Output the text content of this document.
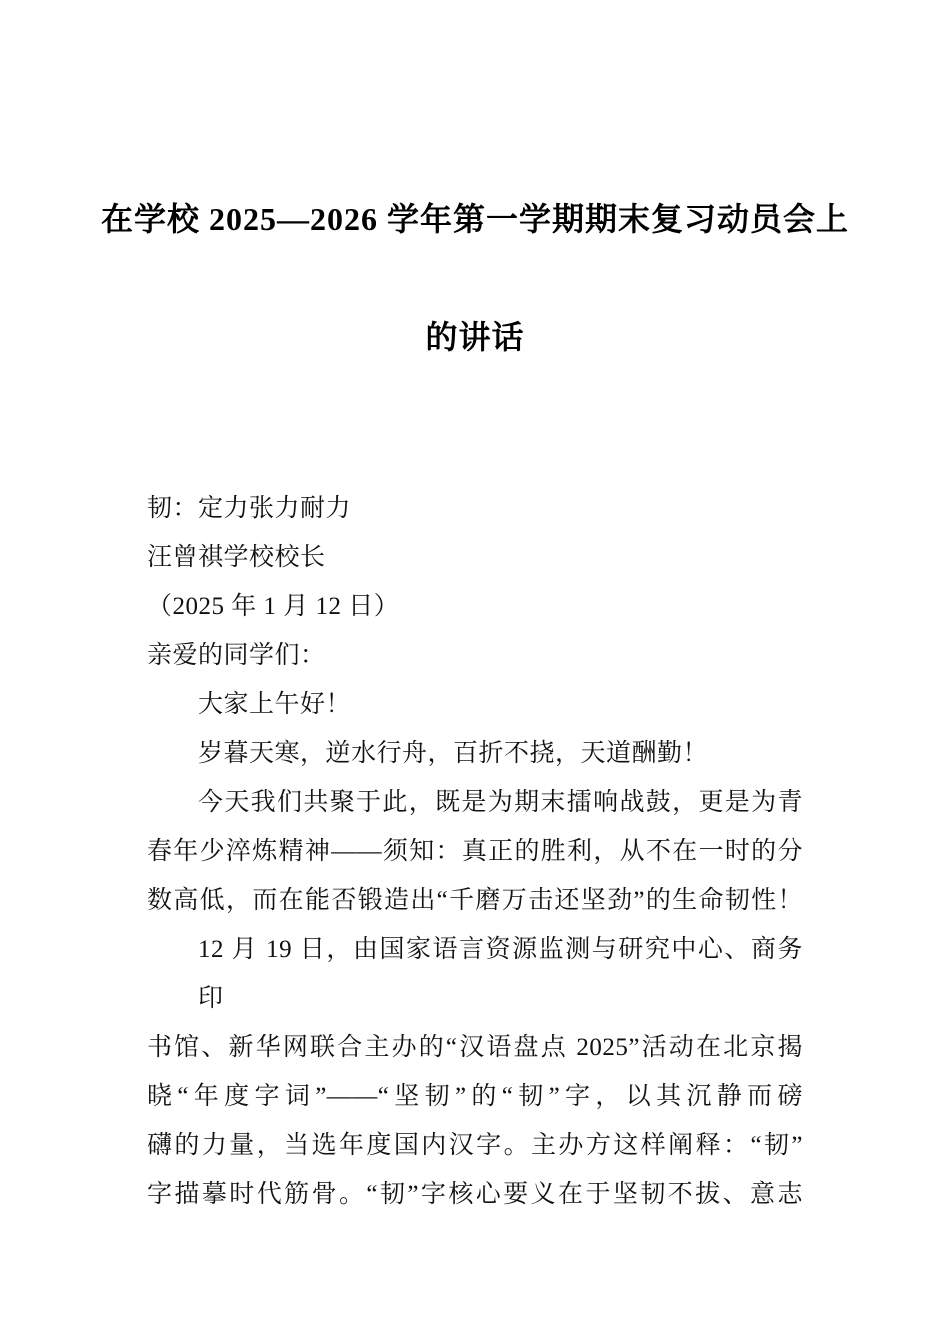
在学校 2025—2026 学年第一学期期末复习动员会上
的讲话
韧：定力张力耐力
汪曾祺学校校长
（2025 年 1 月 12 日）
亲爱的同学们：
大家上午好！
岁暮天寒，逆水行舟，百折不挠，天道酬勤！
今天我们共聚于此，既是为期末擂响战鼓，更是为青
春年少淬炼精神——须知：真正的胜利，从不在一时的分
数高低，而在能否锻造出“千磨万击还坚劲”的生命韧性！
12 月 19 日，由国家语言资源监测与研究中心、商务印
书馆、新华网联合主办的“汉语盘点 2025”活动在北京揭
晓“年度字词”——“坚韧”的“韧”字，以其沉静而磅
礴的力量，当选年度国内汉字。主办方这样阐释：“韧”
字描摹时代筋骨。“韧”字核心要义在于坚韧不拔、意志
